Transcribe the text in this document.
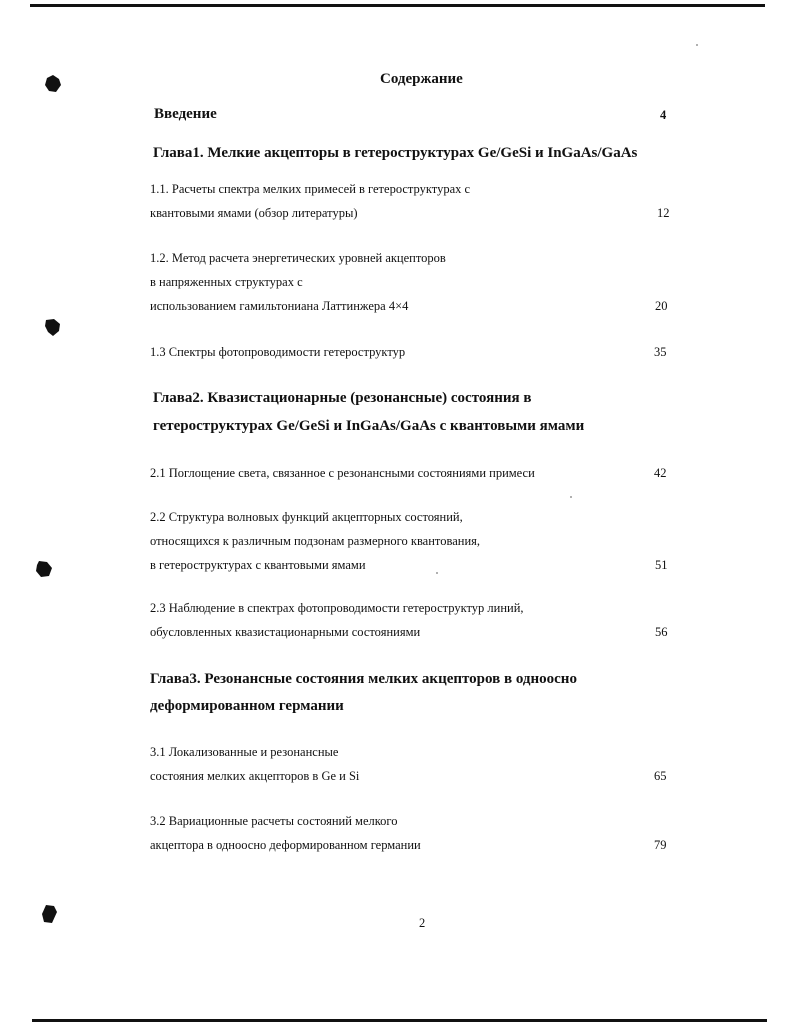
Содержание
Введение	4
Глава1. Мелкие акцепторы в гетероструктурах Ge/GeSi и InGaAs/GaAs
1.1. Расчеты спектра мелких примесей в гетероструктурах с
квантовыми ямами (обзор литературы)	12
1.2. Метод расчета энергетических уровней акцепторов
в напряженных структурах с
использованием гамильтониана Латтинжера 4×4	20
1.3 Спектры фотопроводимости гетероструктур	35
Глава2. Квазистационарные (резонансные) состояния в
гетероструктурах Ge/GeSi и InGaAs/GaAs с квантовыми ямами
2.1 Поглощение света, связанное с резонансными состояниями примеси	42
2.2 Структура волновых функций акцепторных состояний,
относящихся к различным подзонам размерного квантования,
в гетероструктурах с квантовыми ямами	51
2.3 Наблюдение в спектрах фотопроводимости гетероструктур линий,
обусловленных квазистационарными состояниями	56
Глава3. Резонансные состояния мелких акцепторов в одноосно
деформированном германии
3.1 Локализованные и резонансные
состояния мелких акцепторов в Ge и Si	65
3.2 Вариационные расчеты состояний мелкого
акцептора в одноосно деформированном германии	79
2
